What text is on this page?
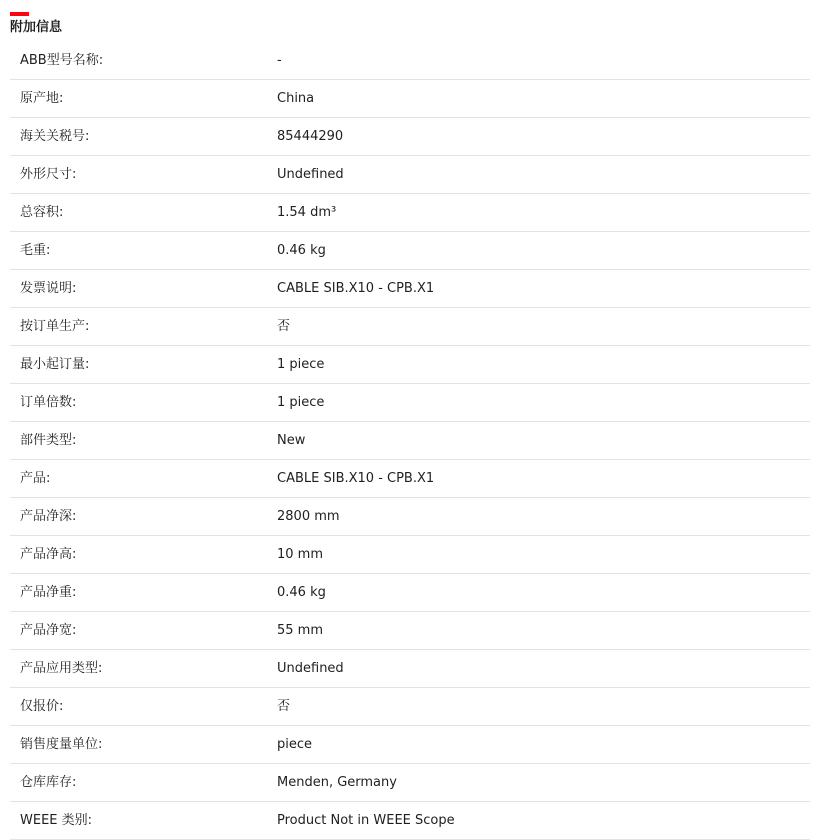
附加信息
ABB型号名称:	-
原产地:	China
海关关税号:	85444290
外形尺寸:	Undefined
总容积:	1.54 dm³
毛重:	0.46 kg
发票说明:	CABLE SIB.X10 - CPB.X1
按订单生产:	否
最小起订量:	1 piece
订单倍数:	1 piece
部件类型:	New
产品:	CABLE SIB.X10 - CPB.X1
产品净深:	2800 mm
产品净高:	10 mm
产品净重:	0.46 kg
产品净宽:	55 mm
产品应用类型:	Undefined
仅报价:	否
销售度量单位:	piece
仓库库存:	Menden, Germany
WEEE 类别:	Product Not in WEEE Scope
